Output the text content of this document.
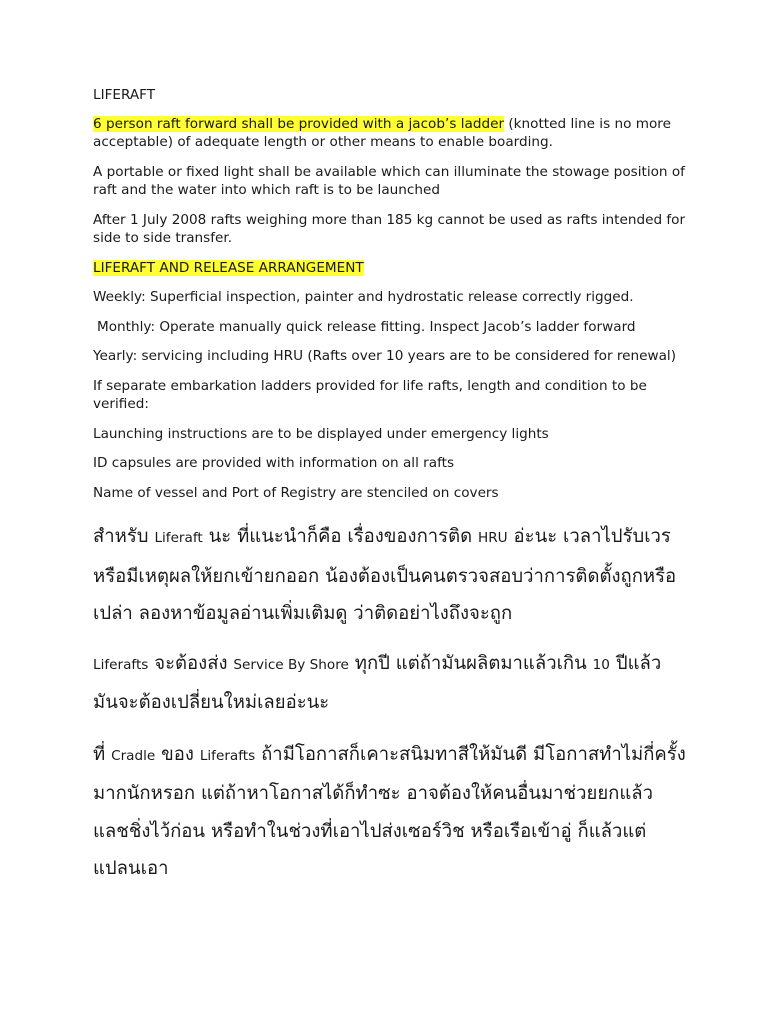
LIFERAFT

6 person raft forward shall be provided with a jacob’s ladder (knotted line is no more acceptable) of adequate length or other means to enable boarding.

A portable or fixed light shall be available which can illuminate the stowage position of raft and the water into which raft is to be launched

After 1 July 2008 rafts weighing more than 185 kg cannot be used as rafts intended for side to side transfer.

LIFERAFT AND RELEASE ARRANGEMENT

Weekly: Superficial inspection, painter and hydrostatic release correctly rigged.

Monthly: Operate manually quick release fitting. Inspect Jacob’s ladder forward

Yearly: servicing including HRU (Rafts over 10 years are to be considered for renewal)

If separate embarkation ladders provided for life rafts, length and condition to be verified:

Launching instructions are to be displayed under emergency lights

ID capsules are provided with information on all rafts

Name of vessel and Port of Registry are stenciled on covers

สำหรับ Liferaft นะ ที่แนะนำก็คือ เรื่องของการติด HRU อ่ะนะ เวลาไปรับเวร หรือมีเหตุผลให้ยกเข้ายกออก น้องต้องเป็นคนตรวจสอบว่าการติดตั้งถูกหรือเปล่า ลองหาข้อมูลอ่านเพิ่มเติมดู ว่าติดอย่าไงถึงจะถูก

Liferafts จะต้องส่ง Service By Shore ทุกปี แต่ถ้ามันผลิตมาแล้วเกิน 10 ปีแล้ว มันจะต้องเปลี่ยนใหม่เลยอ่ะนะ

ที่ Cradle ของ Liferafts ถ้ามีโอกาสก็เคาะสนิมทาสีให้มันดี มีโอกาสทำไม่กี่ครั้งมากนักหรอก แต่ถ้าหาโอกาสได้ก็ทำซะ อาจต้องให้คนอื่นมาช่วยยกแล้วแลชชิ่งไว้ก่อน หรือทำในช่วงที่เอาไปส่งเซอร์วิช หรือเรือเข้าอู่ ก็แล้วแต่แปลนเอา
